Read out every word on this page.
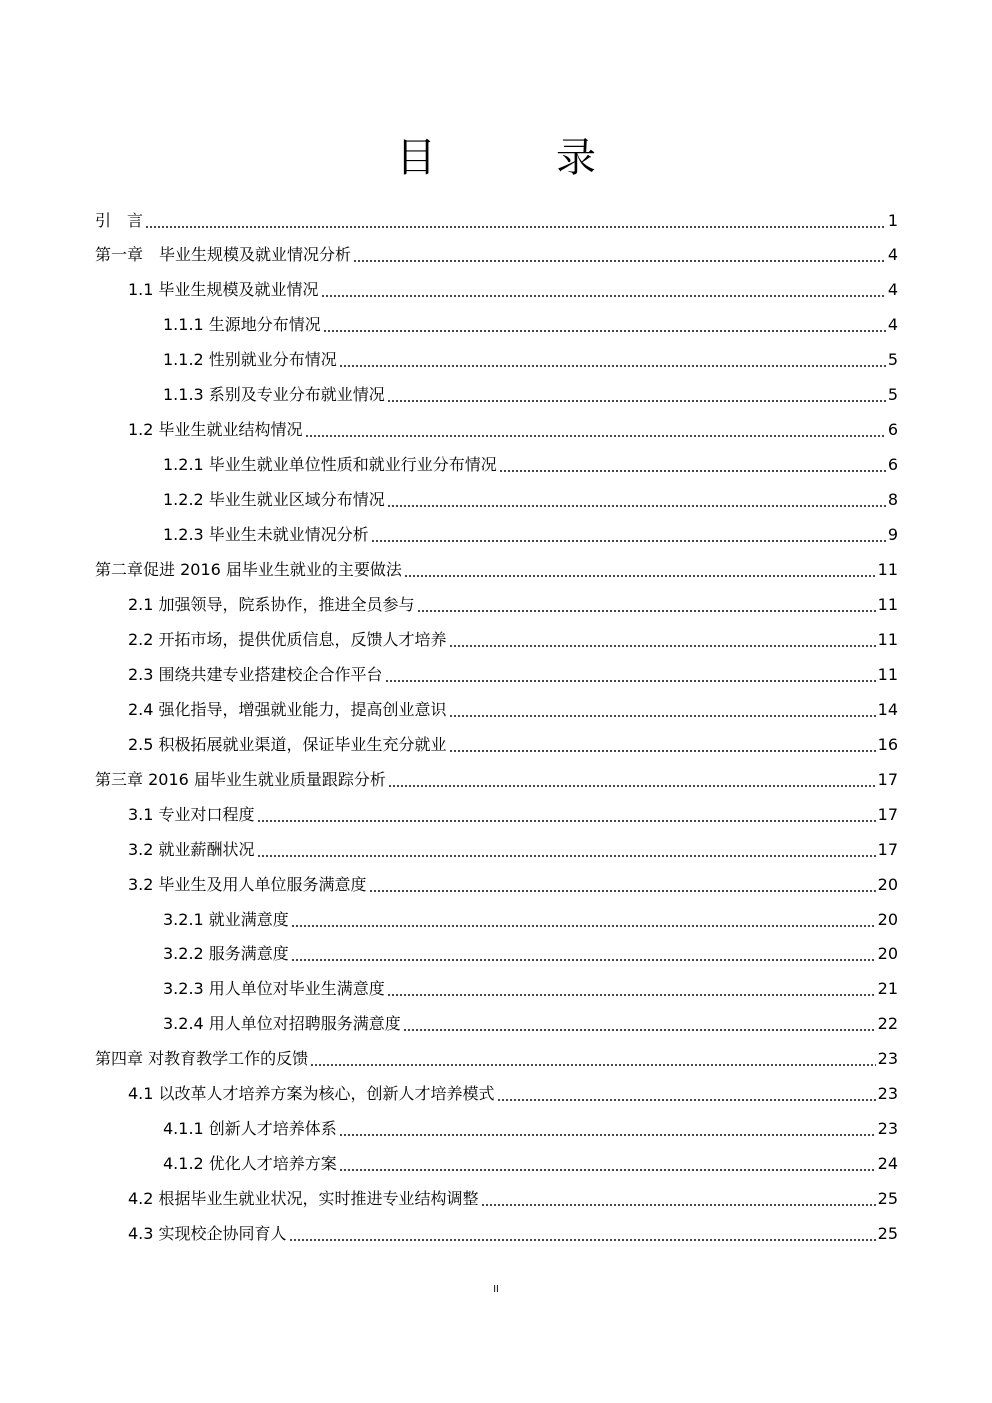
目　录
引　言	1
第一章　毕业生规模及就业情况分析	4
1.1 毕业生规模及就业情况	4
1.1.1 生源地分布情况	4
1.1.2 性别就业分布情况	5
1.1.3 系别及专业分布就业情况	5
1.2 毕业生就业结构情况	6
1.2.1 毕业生就业单位性质和就业行业分布情况	6
1.2.2 毕业生就业区域分布情况	8
1.2.3 毕业生未就业情况分析	9
第二章促进 2016 届毕业生就业的主要做法	11
2.1 加强领导，院系协作，推进全员参与	11
2.2 开拓市场，提供优质信息，反馈人才培养	11
2.3 围绕共建专业搭建校企合作平台	11
2.4 强化指导，增强就业能力，提高创业意识	14
2.5 积极拓展就业渠道，保证毕业生充分就业	16
第三章 2016 届毕业生就业质量跟踪分析	17
3.1 专业对口程度	17
3.2 就业薪酬状况	17
3.2 毕业生及用人单位服务满意度	20
3.2.1 就业满意度	20
3.2.2 服务满意度	20
3.2.3 用人单位对毕业生满意度	21
3.2.4 用人单位对招聘服务满意度	22
第四章 对教育教学工作的反馈	23
4.1 以改革人才培养方案为核心，创新人才培养模式	23
4.1.1 创新人才培养体系	23
4.1.2 优化人才培养方案	24
4.2 根据毕业生就业状况，实时推进专业结构调整	25
4.3 实现校企协同育人	25
II
